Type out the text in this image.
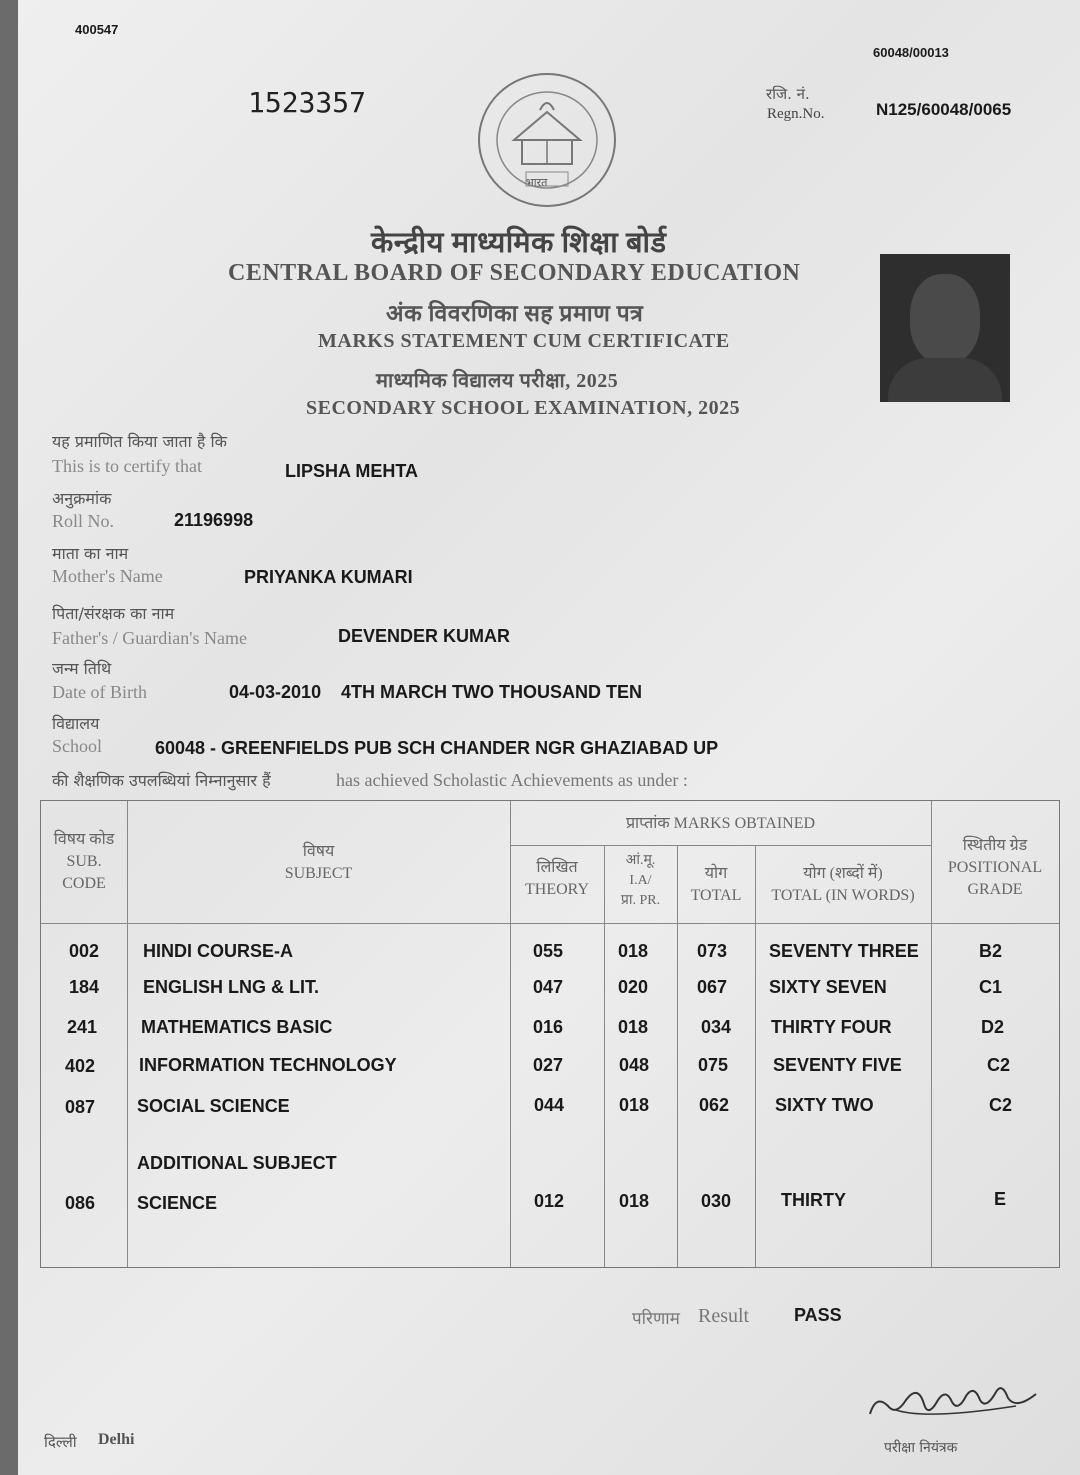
400547
60048/00013
1523357	रजि. नं.
Regn.No.	N125/60048/0065
भारत
केन्द्रीय माध्यमिक शिक्षा बोर्ड
CENTRAL BOARD OF SECONDARY EDUCATION
अंक विवरणिका सह प्रमाण पत्र
MARKS STATEMENT CUM CERTIFICATE
माध्यमिक विद्यालय परीक्षा, 2025
SECONDARY SCHOOL EXAMINATION, 2025
यह प्रमाणित किया जाता है कि
This is to certify that	LIPSHA MEHTA
अनुक्रमांक
Roll No.	21196998
माता का नाम
Mother's Name	PRIYANKA KUMARI
पिता/संरक्षक का नाम
Father's / Guardian's Name	DEVENDER KUMAR
जन्म तिथि
Date of Birth	04-03-2010 4TH MARCH TWO THOUSAND TEN
विद्यालय
School	60048 - GREENFIELDS PUB SCH CHANDER NGR GHAZIABAD UP
की शैक्षणिक उपलब्धियां निम्नानुसार हैं	has achieved Scholastic Achievements as under :
विषय कोड
SUB.
CODE
विषय
SUBJECT
प्राप्तांक MARKS OBTAINED
लिखित
THEORY
आं.मू.
I.A/
प्रा. PR.
योग
TOTAL
योग (शब्दों में)
TOTAL (IN WORDS)
स्थितीय ग्रेड
POSITIONAL
GRADE
002 HINDI COURSE-A	055	018	073 SEVENTY THREE	B2
184 ENGLISH LNG & LIT.	047	020	067 SIXTY SEVEN	C1
241 MATHEMATICS BASIC	016	018	034 THIRTY FOUR	D2
402 INFORMATION TECHNOLOGY	027	048	075 SEVENTY FIVE	C2
087 SOCIAL SCIENCE	044	018	062	SIXTY TWO	C2
ADDITIONAL SUBJECT
086 SCIENCE	012	018	030	THIRTY	E
परिणाम Result PASS
परीक्षा नियंत्रक
दिल्ली Delhi
